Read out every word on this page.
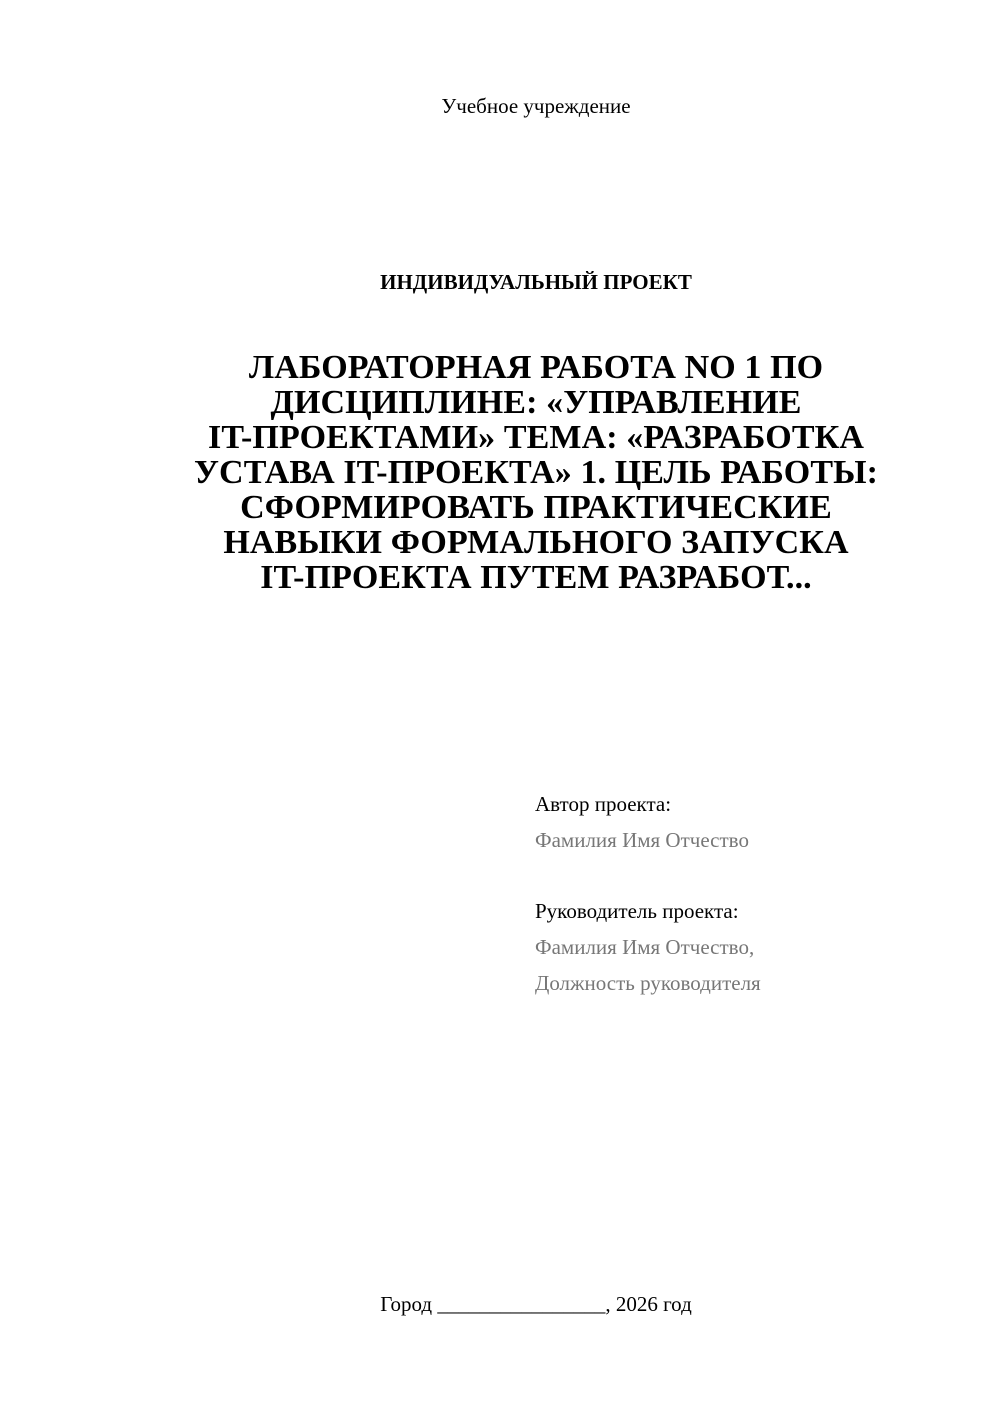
Учебное учреждение
ИНДИВИДУАЛЬНЫЙ ПРОЕКТ
ЛАБОРАТОРНАЯ РАБОТА NO 1 ПО
ДИСЦИПЛИНЕ: «УПРАВЛЕНИЕ
IT-ПРОЕКТАМИ» ТЕМА: «РАЗРАБОТКА
УСТАВА IT-ПРОЕКТА» 1. ЦЕЛЬ РАБОТЫ:
СФОРМИРОВАТЬ ПРАКТИЧЕСКИЕ
НАВЫКИ ФОРМАЛЬНОГО ЗАПУСКА
IT-ПРОЕКТА ПУТЕМ РАЗРАБОТ...
Автор проекта:
Фамилия Имя Отчество
Руководитель проекта:
Фамилия Имя Отчество,
Должность руководителя
Город ________________, 2026 год
